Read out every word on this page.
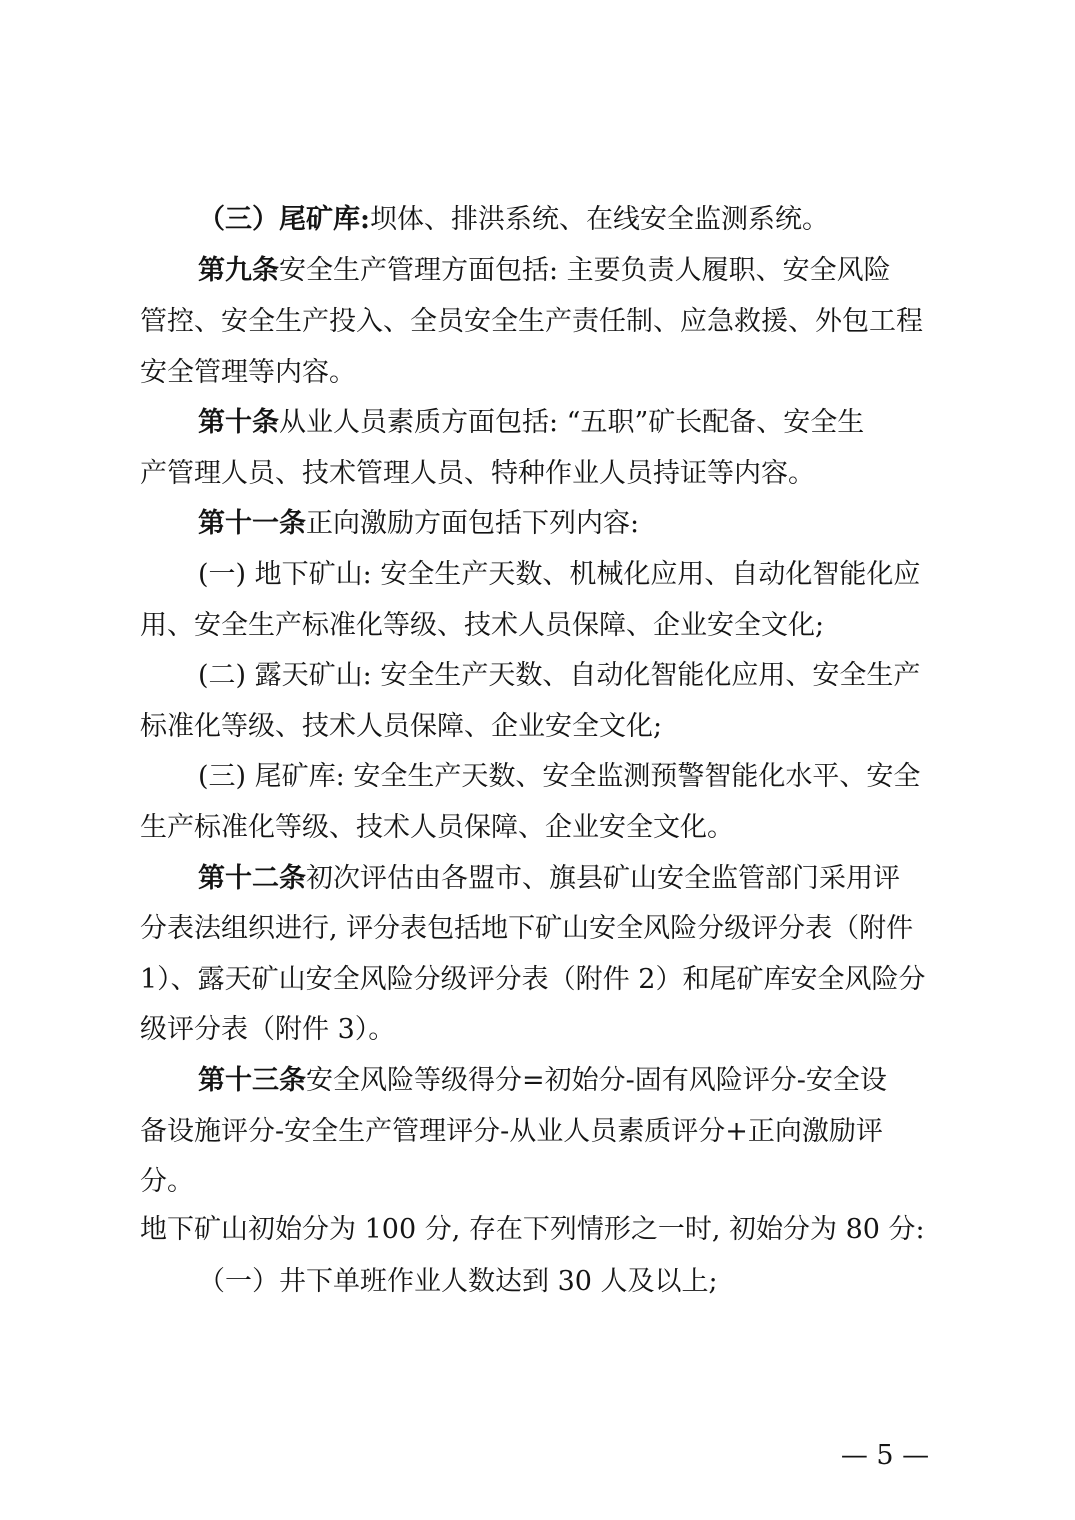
（三）尾矿库:坝体、排洪系统、在线安全监测系统。
第九条安全生产管理方面包括: 主要负责人履职、安全风险
管控、安全生产投入、全员安全生产责任制、应急救援、外包工程
安全管理等内容。
第十条从业人员素质方面包括: “五职”矿长配备、安全生
产管理人员、技术管理人员、特种作业人员持证等内容。
第十一条正向激励方面包括下列内容:
(一) 地下矿山: 安全生产天数、机械化应用、自动化智能化应
用、安全生产标准化等级、技术人员保障、企业安全文化;
(二) 露天矿山: 安全生产天数、自动化智能化应用、安全生产
标准化等级、技术人员保障、企业安全文化;
(三) 尾矿库: 安全生产天数、安全监测预警智能化水平、安全
生产标准化等级、技术人员保障、企业安全文化。
第十二条初次评估由各盟市、旗县矿山安全监管部门采用评
分表法组织进行, 评分表包括地下矿山安全风险分级评分表（附件
1）、露天矿山安全风险分级评分表（附件 2）和尾矿库安全风险分
级评分表（附件 3）。
第十三条安全风险等级得分=初始分-固有风险评分-安全设
备设施评分-安全生产管理评分-从业人员素质评分+正向激励评
分。
地下矿山初始分为 100 分, 存在下列情形之一时, 初始分为 80 分:
（一）井下单班作业人数达到 30 人及以上;
— 5 —
